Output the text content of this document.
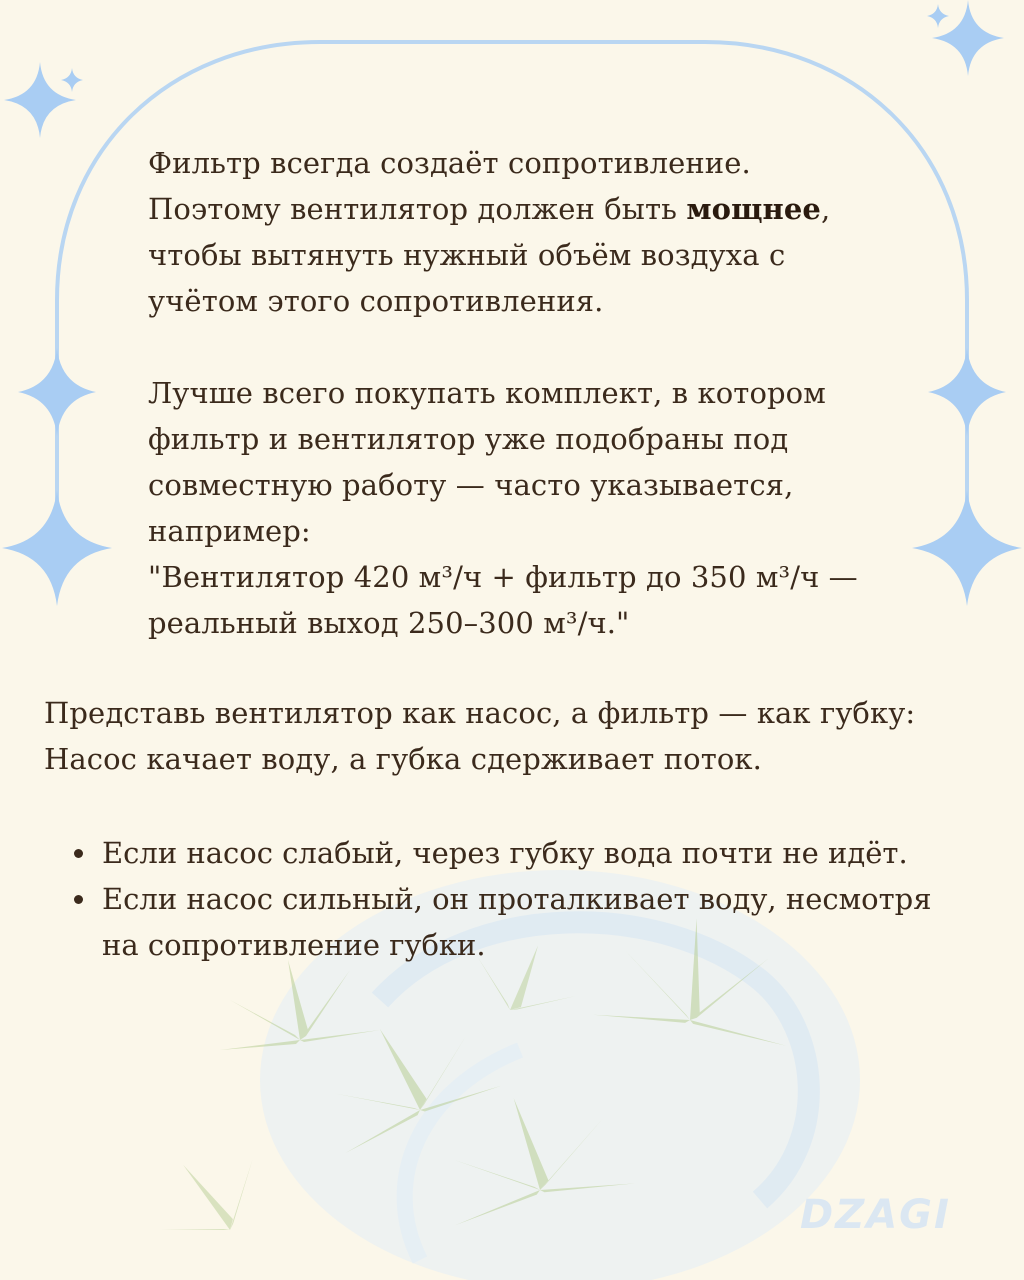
Фильтр всегда создаёт сопротивление.

Поэтому вентилятор должен быть мощнее,

чтобы вытянуть нужный объём воздуха с

учётом этого сопротивления.

Лучше всего покупать комплект, в котором

фильтр и вентилятор уже подобраны под

совместную работу — часто указывается,

например:

"Вентилятор 420 м³/ч + фильтр до 350 м³/ч —

реальный выход 250–300 м³/ч."

Представь вентилятор как насос, а фильтр — как губку:

Насос качает воду, а губка сдерживает поток.

Если насос слабый, через губку вода почти не идёт.
Если насос сильный, он проталкивает воду, несмотря
на сопротивление губки.
DZAGI
